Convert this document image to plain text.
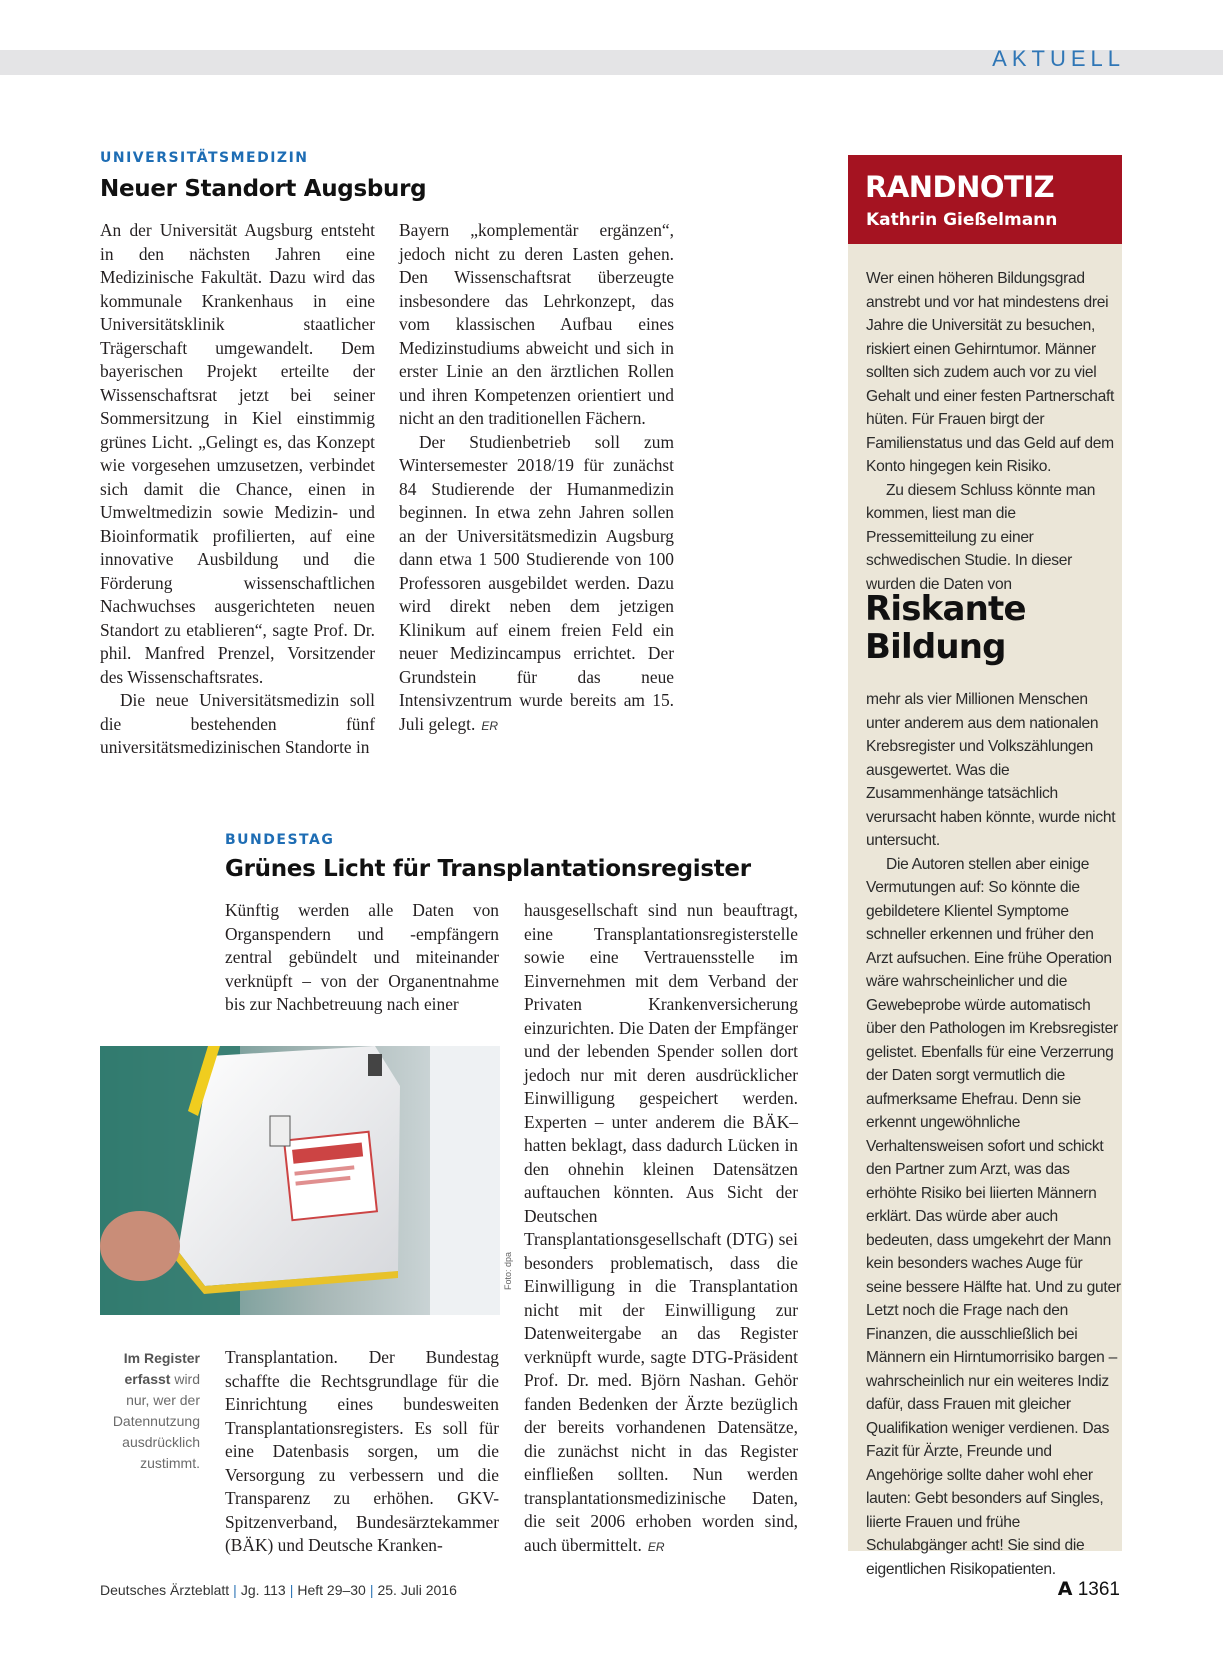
AKTUELL
UNIVERSITÄTSMEDIZIN
Neuer Standort Augsburg

An der Universität Augsburg entsteht in den nächsten Jahren eine Medizinische Fakultät. Dazu wird das kommunale Krankenhaus in eine Universitätsklinik staatlicher Trägerschaft umgewandelt. Dem bayerischen Projekt erteilte der Wissenschaftsrat jetzt bei seiner Sommersitzung in Kiel einstimmig grünes Licht. „Gelingt es, das Konzept wie vorgesehen umzusetzen, verbindet sich damit die Chance, einen in Umweltmedizin sowie Medizin- und Bioinformatik profilierten, auf eine innovative Ausbildung und die Förderung wissenschaftlichen Nachwuchses ausgerichteten neuen Standort zu etablieren“, sagte Prof. Dr. phil. Manfred Prenzel, Vorsitzender des Wissenschaftsrates.

Die neue Universitätsmedizin soll die bestehenden fünf universitätsmedizinischen Standorte in

Bayern „komplementär ergänzen“, jedoch nicht zu deren Lasten gehen. Den Wissenschaftsrat überzeugte insbesondere das Lehrkonzept, das vom klassischen Aufbau eines Medizinstudiums abweicht und sich in erster Linie an den ärztlichen Rollen und ihren Kompetenzen orientiert und nicht an den traditionellen Fächern.

Der Studienbetrieb soll zum Wintersemester 2018/19 für zunächst 84 Studierende der Humanmedizin beginnen. In etwa zehn Jahren sollen an der Universitätsmedizin Augsburg dann etwa 1 500 Studierende von 100 Professoren ausgebildet werden. Dazu wird direkt neben dem jetzigen Klinikum auf einem freien Feld ein neuer Medizincampus errichtet. Der Grundstein für das neue Intensivzentrum wurde bereits am 15. Juli gelegt. ER

BUNDESTAG
Grünes Licht für Transplantationsregister
Künftig werden alle Daten von Organspendern und -empfängern zentral gebündelt und miteinander verknüpft – von der Organentnahme bis zur Nachbetreuung nach einer
Foto: dpa
Im Register erfasst wird nur, wer der Datennutzung ausdrücklich zustimmt.
Transplantation. Der Bundestag schaffte die Rechtsgrundlage für die Einrichtung eines bundesweiten Transplantationsregisters. Es soll für eine Datenbasis sorgen, um die Versorgung zu verbessern und die Transparenz zu erhöhen. GKV-Spitzenverband, Bundesärztekammer (BÄK) und Deutsche Kranken-

hausgesellschaft sind nun beauftragt, eine Transplantationsregisterstelle sowie eine Vertrauensstelle im Einvernehmen mit dem Verband der Privaten Krankenversicherung einzurichten. Die Daten der Empfänger und der lebenden Spender sollen dort jedoch nur mit deren ausdrücklicher Einwilligung gespeichert werden. Experten – unter anderem die BÄK– hatten beklagt, dass dadurch Lücken in den ohnehin kleinen Datensätzen auftauchen könnten. Aus Sicht der Deutschen Transplantationsgesellschaft (DTG) sei besonders problematisch, dass die Einwilligung in die Transplantation nicht mit der Einwilligung zur Datenweitergabe an das Register verknüpft wurde, sagte DTG-Präsident Prof. Dr. med. Björn Nashan. Gehör fanden Bedenken der Ärzte bezüglich der bereits vorhandenen Datensätze, die zunächst nicht in das Register einfließen sollten. Nun werden transplantationsmedizinische Daten, die seit 2006 erhoben worden sind, auch übermittelt. ER

RANDNOTIZ
Kathrin Gießelmann

Wer einen höheren Bildungsgrad anstrebt und vor hat mindestens drei Jahre die Universität zu besuchen, riskiert einen Gehirntumor. Männer sollten sich zudem auch vor zu viel Gehalt und einer festen Partnerschaft hüten. Für Frauen birgt der Familienstatus und das Geld auf dem Konto hingegen kein Risiko.

Zu diesem Schluss könnte man kommen, liest man die Pressemitteilung zu einer schwedischen Studie. In dieser wurden die Daten von

Riskante
Bildung

mehr als vier Millionen Menschen unter anderem aus dem nationalen Krebsregister und Volkszählungen ausgewertet. Was die Zusammenhänge tatsächlich verursacht haben könnte, wurde nicht untersucht.

Die Autoren stellen aber einige Vermutungen auf: So könnte die gebildetere Klientel Symptome schneller erkennen und früher den Arzt aufsuchen. Eine frühe Operation wäre wahrscheinlicher und die Gewebeprobe würde automatisch über den Pathologen im Krebsregister gelistet. Ebenfalls für eine Verzerrung der Daten sorgt vermutlich die aufmerksame Ehefrau. Denn sie erkennt ungewöhnliche Verhaltensweisen sofort und schickt den Partner zum Arzt, was das erhöhte Risiko bei liierten Männern erklärt. Das würde aber auch bedeuten, dass umgekehrt der Mann kein besonders waches Auge für seine bessere Hälfte hat. Und zu guter Letzt noch die Frage nach den Finanzen, die ausschließlich bei Männern ein Hirntumorrisiko bargen – wahrscheinlich nur ein weiteres Indiz dafür, dass Frauen mit gleicher Qualifikation weniger verdienen. Das Fazit für Ärzte, Freunde und Angehörige sollte daher wohl eher lauten: Gebt besonders auf Singles, liierte Frauen und frühe Schulabgänger acht! Sie sind die eigentlichen Risikopatienten.

Deutsches Ärzteblatt | Jg. 113 | Heft 29–30 | 25. Juli 2016	A 1361
